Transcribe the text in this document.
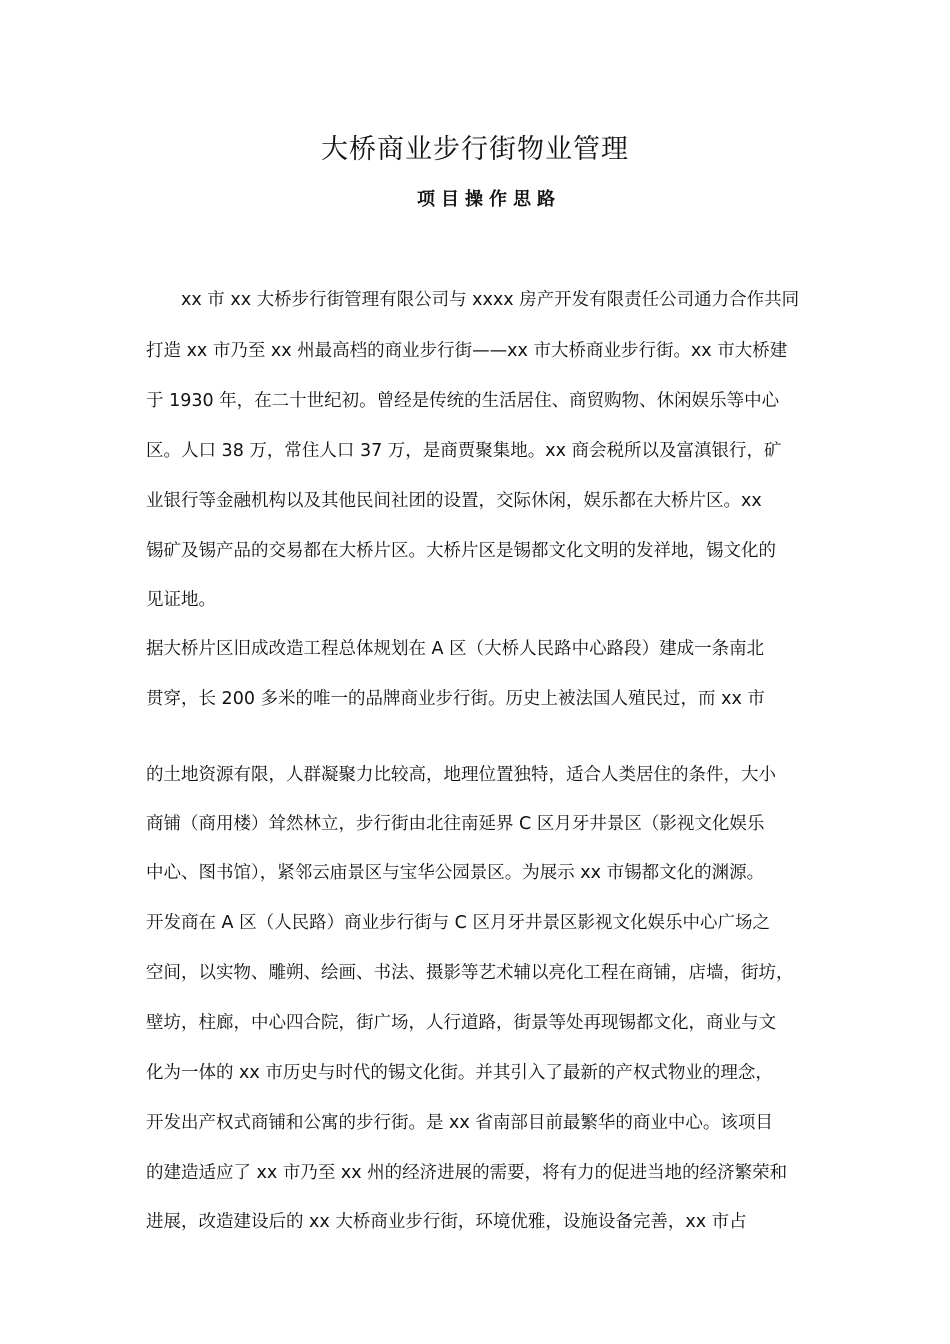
大桥商业步行街物业管理
项目操作思路

xx 市 xx 大桥步行街管理有限公司与 xxxx 房产开发有限责任公司通力合作共同

打造 xx 市乃至 xx 州最高档的商业步行街——xx 市大桥商业步行街。xx 市大桥建

于 1930 年，在二十世纪初。曾经是传统的生活居住、商贸购物、休闲娱乐等中心

区。人口 38 万，常住人口 37 万，是商贾聚集地。xx 商会税所以及富滇银行，矿

业银行等金融机构以及其他民间社团的设置，交际休闲，娱乐都在大桥片区。xx

锡矿及锡产品的交易都在大桥片区。大桥片区是锡都文化文明的发祥地，锡文化的

见证地。

据大桥片区旧成改造工程总体规划在 A 区（大桥人民路中心路段）建成一条南北

贯穿，长 200 多米的唯一的品牌商业步行街。历史上被法国人殖民过，而 xx 市

的土地资源有限，人群凝聚力比较高，地理位置独特，适合人类居住的条件，大小

商铺（商用楼）耸然林立，步行街由北往南延界 C 区月牙井景区（影视文化娱乐

中心、图书馆），紧邻云庙景区与宝华公园景区。为展示 xx 市锡都文化的渊源。

开发商在 A 区（人民路）商业步行街与 C 区月牙井景区影视文化娱乐中心广场之

空间，以实物、雕朔、绘画、书法、摄影等艺术辅以亮化工程在商铺，店墙，街坊，

壁坊，柱廊，中心四合院，街广场，人行道路，街景等处再现锡都文化，商业与文

化为一体的 xx 市历史与时代的锡文化街。并其引入了最新的产权式物业的理念，

开发出产权式商铺和公寓的步行街。是 xx 省南部目前最繁华的商业中心。该项目

的建造适应了 xx 市乃至 xx 州的经济进展的需要，将有力的促进当地的经济繁荣和

进展，改造建设后的 xx 大桥商业步行街，环境优雅，设施设备完善，xx 市占
